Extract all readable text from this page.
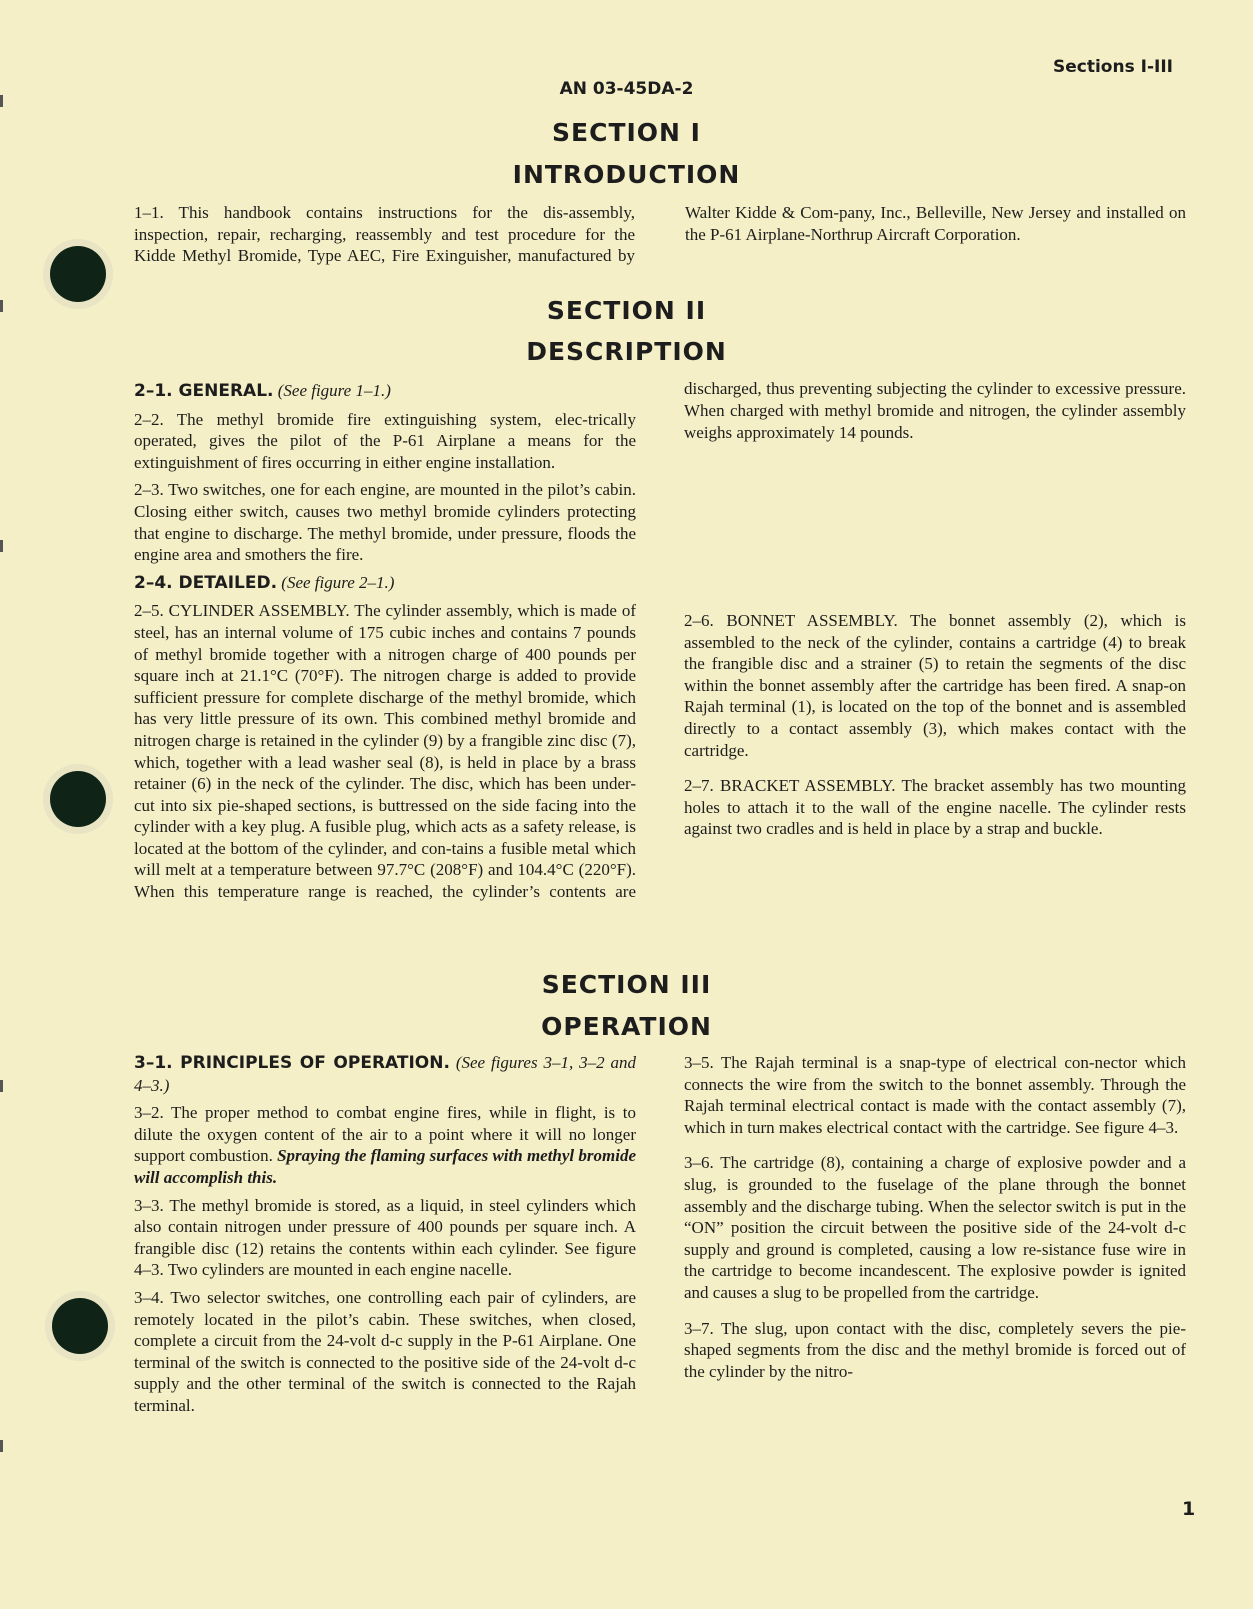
Sections I-III
AN 03-45DA-2
SECTION I
INTRODUCTION

1–1. This handbook contains instructions for the dis-assembly, inspection, repair, recharging, reassembly and test procedure for the Kidde Methyl Bromide, Type AEC, Fire Exinguisher, manufactured by Walter Kidde & Com-pany, Inc., Belleville, New Jersey and installed on the P-61 Airplane-Northrup Aircraft Corporation.

SECTION II
DESCRIPTION

2–1. GENERAL. (See figure 1–1.)

2–2. The methyl bromide fire extinguishing system, elec-trically operated, gives the pilot of the P-61 Airplane a means for the extinguishment of fires occurring in either engine installation.

2–3. Two switches, one for each engine, are mounted in the pilot’s cabin. Closing either switch, causes two methyl bromide cylinders protecting that engine to discharge. The methyl bromide, under pressure, floods the engine area and smothers the fire.

2–4. DETAILED. (See figure 2–1.)

2–5. CYLINDER ASSEMBLY. The cylinder assembly, which is made of steel, has an internal volume of 175 cubic inches and contains 7 pounds of methyl bromide together with a nitrogen charge of 400 pounds per square inch at 21.1°C (70°F). The nitrogen charge is added to provide sufficient pressure for complete discharge of the methyl bromide, which has very little pressure of its own. This combined methyl bromide and nitrogen charge is retained in the cylinder (9) by a frangible zinc disc (7), which, together with a lead washer seal (8), is held in place by a brass retainer (6) in the neck of the cylinder. The disc, which has been under-cut into six pie-shaped sections, is buttressed on the side facing into the cylinder with a key plug. A fusible plug, which acts as a safety release, is located at the bottom of the cylinder, and con-tains a fusible metal which will melt at a temperature between 97.7°C (208°F) and 104.4°C (220°F). When this temperature range is reached, the cylinder’s contents are

discharged, thus preventing subjecting the cylinder to excessive pressure. When charged with methyl bromide and nitrogen, the cylinder assembly weighs approximately 14 pounds.

2–6. BONNET ASSEMBLY. The bonnet assembly (2), which is assembled to the neck of the cylinder, contains a cartridge (4) to break the frangible disc and a strainer (5) to retain the segments of the disc within the bonnet assembly after the cartridge has been fired. A snap-on Rajah terminal (1), is located on the top of the bonnet and is assembled directly to a contact assembly (3), which makes contact with the cartridge.

2–7. BRACKET ASSEMBLY. The bracket assembly has two mounting holes to attach it to the wall of the engine nacelle. The cylinder rests against two cradles and is held in place by a strap and buckle.

SECTION III
OPERATION

3–1. PRINCIPLES OF OPERATION. (See figures 3–1, 3–2 and 4–3.)

3–2. The proper method to combat engine fires, while in flight, is to dilute the oxygen content of the air to a point where it will no longer support combustion. Spraying the flaming surfaces with methyl bromide will accomplish this.

3–3. The methyl bromide is stored, as a liquid, in steel cylinders which also contain nitrogen under pressure of 400 pounds per square inch. A frangible disc (12) retains the contents within each cylinder. See figure 4–3. Two cylinders are mounted in each engine nacelle.

3–4. Two selector switches, one controlling each pair of cylinders, are remotely located in the pilot’s cabin. These switches, when closed, complete a circuit from the 24-volt d-c supply in the P-61 Airplane. One terminal of the switch is connected to the positive side of the 24-volt d-c supply and the other terminal of the switch is connected to the Rajah terminal.

3–5. The Rajah terminal is a snap-type of electrical con-nector which connects the wire from the switch to the bonnet assembly. Through the Rajah terminal electrical contact is made with the contact assembly (7), which in turn makes electrical contact with the cartridge. See figure 4–3.

3–6. The cartridge (8), containing a charge of explosive powder and a slug, is grounded to the fuselage of the plane through the bonnet assembly and the discharge tubing. When the selector switch is put in the “ON” position the circuit between the positive side of the 24-volt d-c supply and ground is completed, causing a low re-sistance fuse wire in the cartridge to become incandescent. The explosive powder is ignited and causes a slug to be propelled from the cartridge.

3–7. The slug, upon contact with the disc, completely severs the pie-shaped segments from the disc and the methyl bromide is forced out of the cylinder by the nitro-

1
